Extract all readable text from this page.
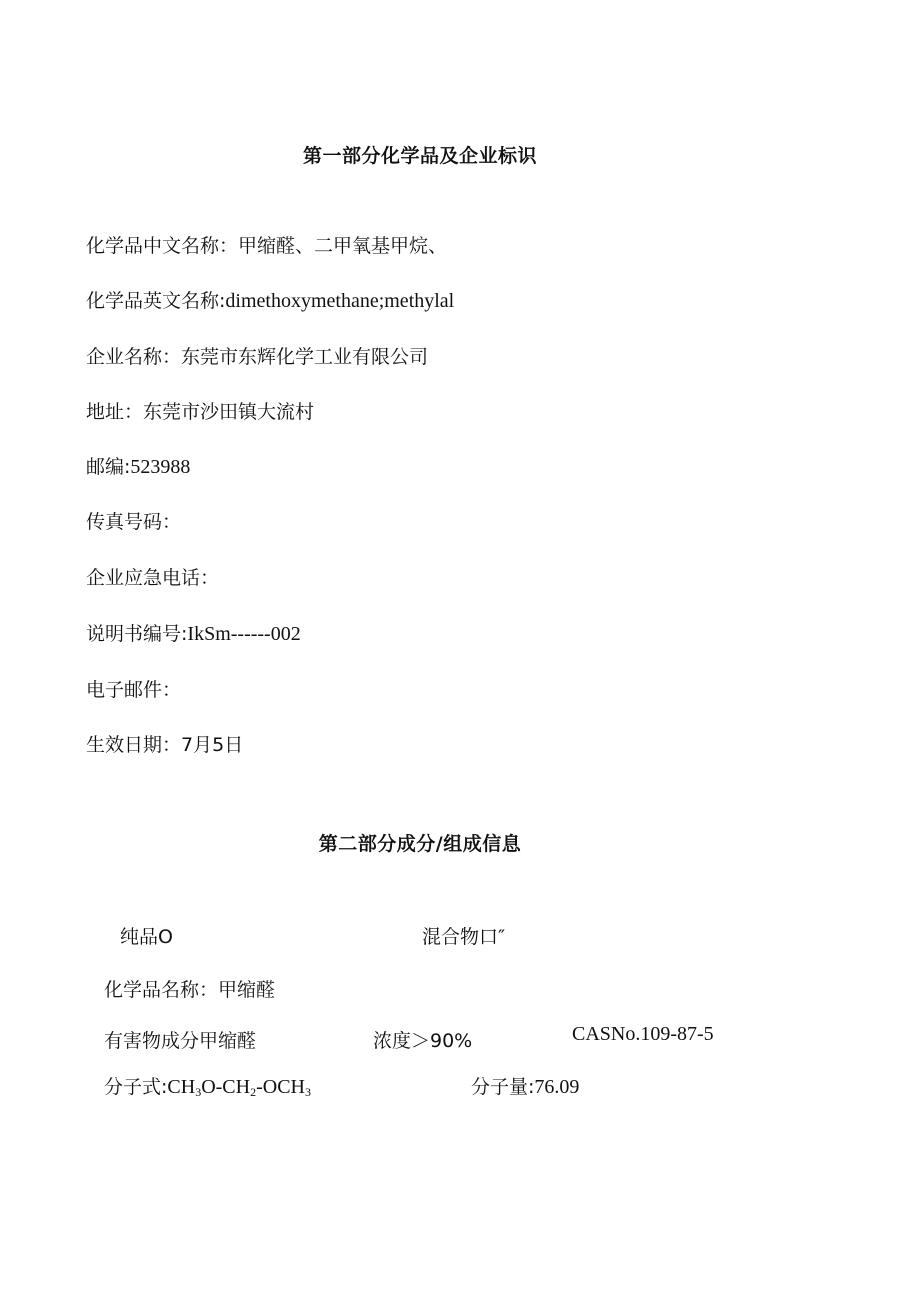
第一部分化学品及企业标识
化学品中文名称：甲缩醛、二甲氧基甲烷、
化学品英文名称:dimethoxymethane;methylal
企业名称：东莞市东辉化学工业有限公司
地址：东莞市沙田镇大流村
邮编:523988
传真号码：
企业应急电话：
说明书编号:IkSm------002
电子邮件：
生效日期：7月5日
第二部分成分/组成信息
纯品O	混合物口″
化学品名称：甲缩醛
有害物成分甲缩醛	浓度＞90%	CASNo.109-87-5
分子式$:CH_3O-CH_2-OCH_3$	分子量:76.09
